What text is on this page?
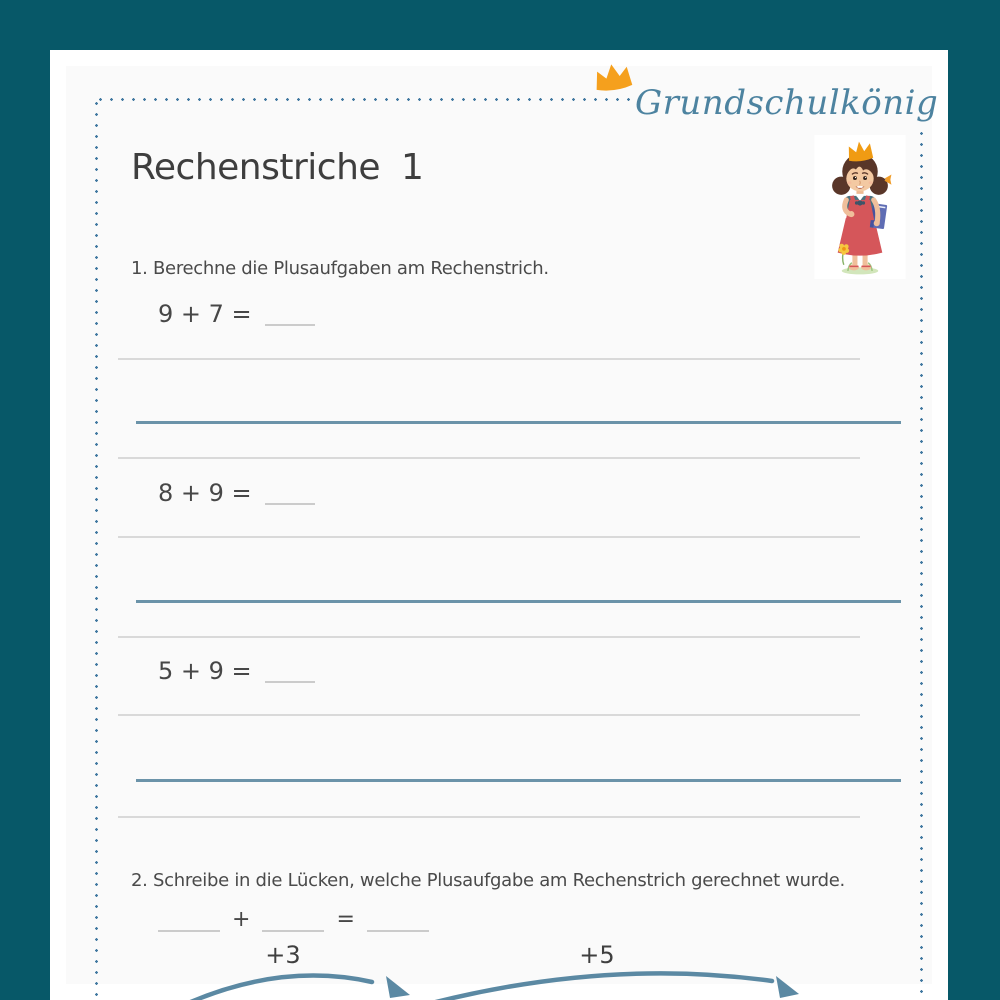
Grundschulkönig
Rechenstriche 1

1. Berechne die Plusaufgaben am Rechenstrich.

9 + 7 =
8 + 9 =
5 + 9 =

2. Schreibe in die Lücken, welche Plusaufgabe am Rechenstrich gerechnet wurde.

+	=
+3	+5
